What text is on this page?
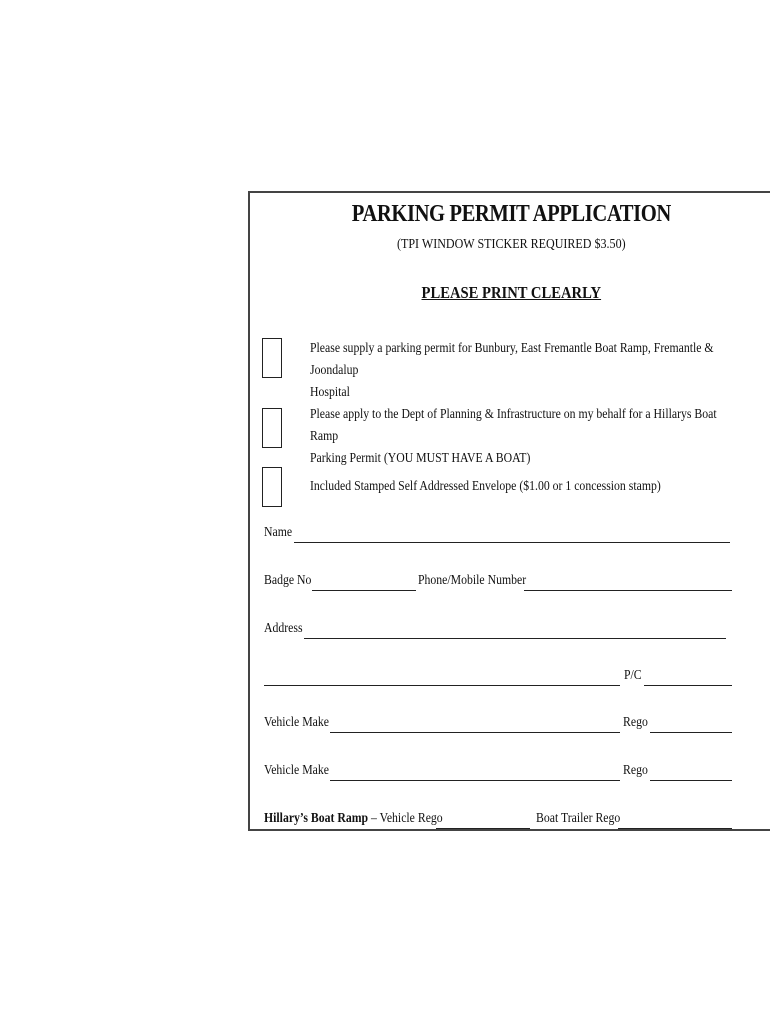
PARKING PERMIT APPLICATION
(TPI WINDOW STICKER REQUIRED $3.50)
PLEASE PRINT CLEARLY
Please supply a parking permit for Bunbury, East Fremantle Boat Ramp, Fremantle & Joondalup
Hospital
Please apply to the Dept of Planning & Infrastructure on my behalf for a Hillarys Boat Ramp
Parking Permit (YOU MUST HAVE A BOAT)
Included Stamped Self Addressed Envelope ($1.00 or 1 concession stamp)
Name
Badge No	Phone/Mobile Number
Address
P/C
Vehicle Make	Rego
Vehicle Make	Rego
Hillary’s Boat Ramp – Vehicle Rego	Boat Trailer Rego
